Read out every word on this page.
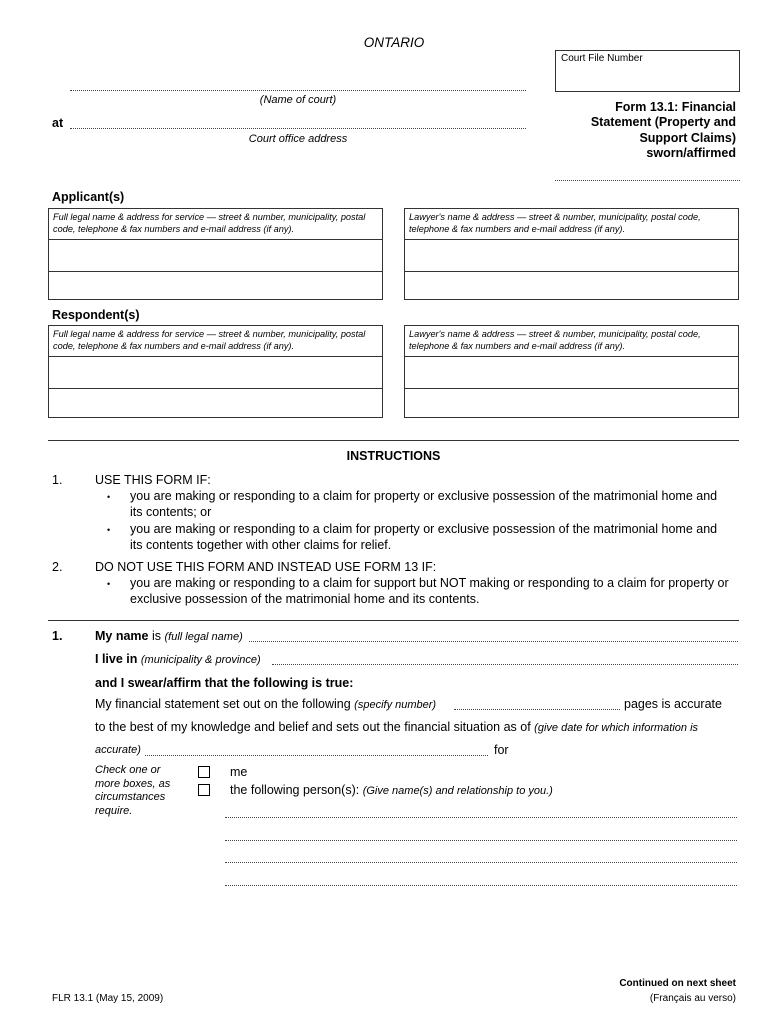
ONTARIO
Court File Number
(Name of court)
at
Court office address
Form 13.1: Financial
Statement (Property and
Support Claims)
sworn/affirmed
Applicant(s)
Full legal name & address for service — street & number, municipality, postal code, telephone & fax numbers and e-mail address (if any).
Lawyer's name & address — street & number, municipality, postal code, telephone & fax numbers and e-mail address (if any).
Respondent(s)
Full legal name & address for service — street & number, municipality, postal code, telephone & fax numbers and e-mail address (if any).
Lawyer's name & address — street & number, municipality, postal code, telephone & fax numbers and e-mail address (if any).
INSTRUCTIONS
1.	USE THIS FORM IF:
• you are making or responding to a claim for property or exclusive possession of the matrimonial home and
its contents; or
• you are making or responding to a claim for property or exclusive possession of the matrimonial home and
its contents together with other claims for relief.
2.	DO NOT USE THIS FORM AND INSTEAD USE FORM 13 IF:
• you are making or responding to a claim for support but NOT making or responding to a claim for property or
exclusive possession of the matrimonial home and its contents.
1.	My name is (full legal name)
I live in (municipality & province)
and I swear/affirm that the following is true:
My financial statement set out on the following (specify number)	pages is accurate
to the best of my knowledge and belief and sets out the financial situation as of (give date for which information is
accurate)	for
Check one or
more boxes, as
circumstances
require.
me
the following person(s): (Give name(s) and relationship to you.)
Continued on next sheet
FLR 13.1 (May 15, 2009)	(Français au verso)
